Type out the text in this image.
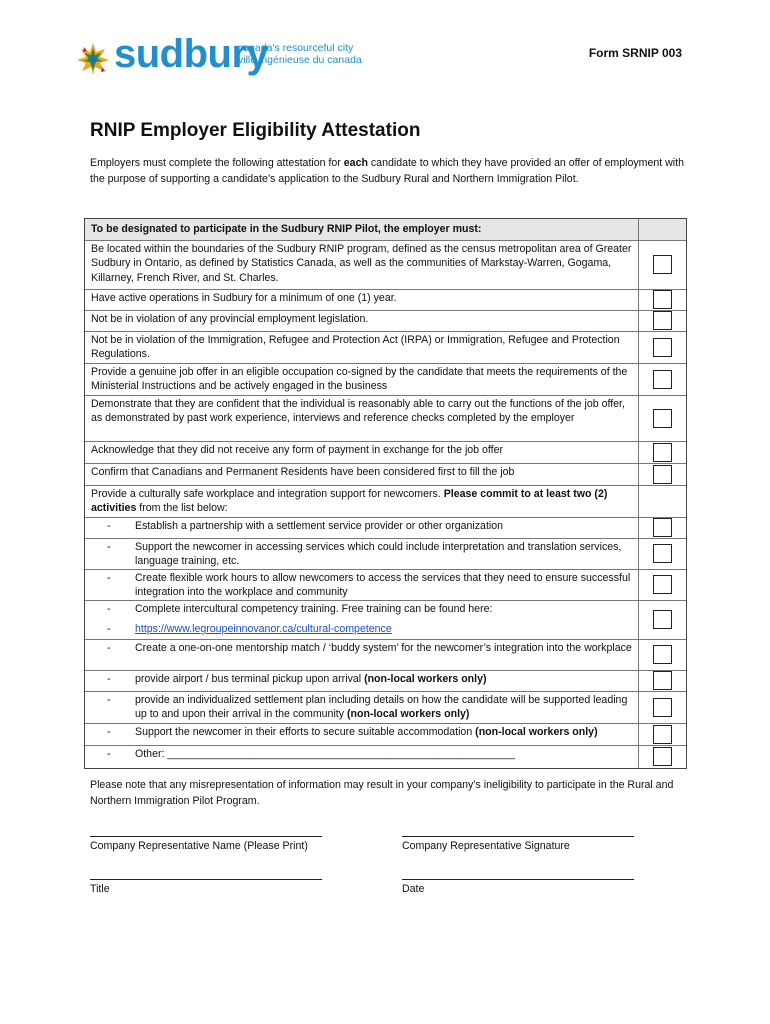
sudbury
canada's resourceful city
ville ingénieuse du canada	Form SRNIP 003
RNIP Employer Eligibility Attestation
Employers must complete the following attestation for each candidate to which they have provided an offer of employment with the purpose of supporting a candidate’s application to the Sudbury Rural and Northern Immigration Pilot.
To be designated to participate in the Sudbury RNIP Pilot, the employer must:
Be located within the boundaries of the Sudbury RNIP program, defined as the census metropolitan area of Greater Sudbury in Ontario, as defined by Statistics Canada, as well as the communities of Markstay-Warren, Gogama, Killarney, French River, and St. Charles.
Have active operations in Sudbury for a minimum of one (1) year.
Not be in violation of any provincial employment legislation.
Not be in violation of the Immigration, Refugee and Protection Act (IRPA) or Immigration, Refugee and Protection Regulations.
Provide a genuine job offer in an eligible occupation co-signed by the candidate that meets the requirements of the Ministerial Instructions and be actively engaged in the business
Demonstrate that they are confident that the individual is reasonably able to carry out the functions of the job offer, as demonstrated by past work experience, interviews and reference checks completed by the employer
Acknowledge that they did not receive any form of payment in exchange for the job offer
Confirm that Canadians and Permanent Residents have been considered first to fill the job
Provide a culturally safe workplace and integration support for newcomers. Please commit to at least two (2) activities from the list below:
-	Establish a partnership with a settlement service provider or other organization
-	Support the newcomer in accessing services which could include interpretation and translation services, language training, etc.
-	Create flexible work hours to allow newcomers to access the services that they need to ensure successful integration into the workplace and community
-	Complete intercultural competency training. Free training can be found here:
-	https://www.legroupeinnovanor.ca/cultural-competence
-	Create a one-on-one mentorship match / ‘buddy system’ for the newcomer’s integration into the workplace
-	provide airport / bus terminal pickup upon arrival (non-local workers only)
-	provide an individualized settlement plan including details on how the candidate will be supported leading up to and upon their arrival in the community (non-local workers only)
-	Support the newcomer in their efforts to secure suitable accommodation (non-local workers only)
-	Other: ___________________________________________________________
Please note that any misrepresentation of information may result in your company’s ineligibility to participate in the Rural and Northern Immigration Pilot Program.
Company Representative Name (Please Print)	Company Representative Signature
Title	Date
